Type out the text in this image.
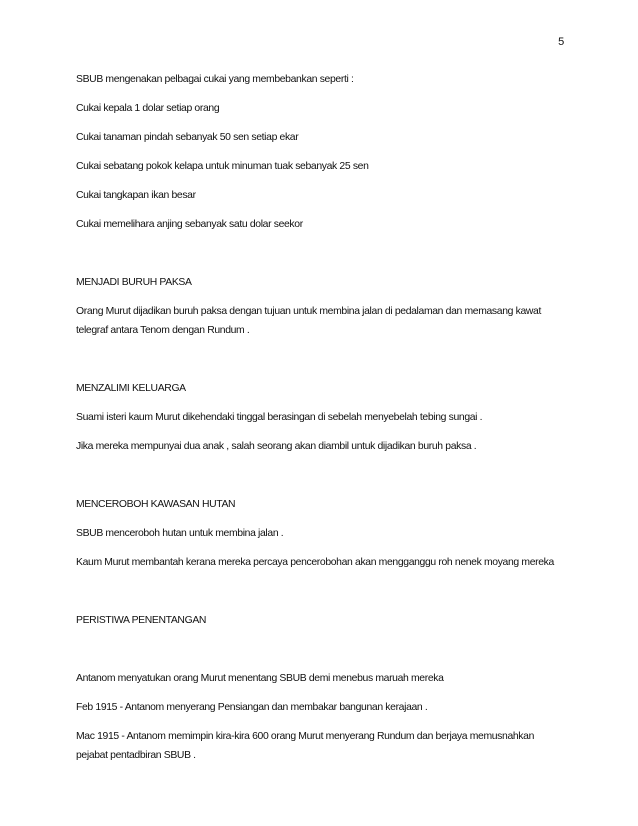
5

SBUB mengenakan pelbagai cukai yang membebankan seperti :

Cukai kepala 1 dolar setiap orang

Cukai tanaman pindah sebanyak 50 sen setiap ekar

Cukai sebatang pokok kelapa untuk minuman tuak sebanyak 25 sen

Cukai tangkapan ikan besar

Cukai memelihara anjing sebanyak satu dolar seekor

MENJADI BURUH PAKSA

Orang Murut dijadikan buruh paksa dengan tujuan untuk membina jalan di pedalaman dan memasang kawat telegraf antara Tenom dengan Rundum .

MENZALIMI KELUARGA

Suami isteri kaum Murut dikehendaki tinggal berasingan di sebelah menyebelah tebing sungai .

Jika mereka mempunyai dua anak , salah seorang akan diambil untuk dijadikan buruh paksa .

MENCEROBOH KAWASAN HUTAN

SBUB menceroboh hutan untuk membina jalan .

Kaum Murut membantah kerana mereka percaya pencerobohan akan mengganggu roh nenek moyang mereka

PERISTIWA PENENTANGAN

Antanom menyatukan orang Murut menentang SBUB demi menebus maruah mereka

Feb 1915 - Antanom menyerang Pensiangan dan membakar bangunan kerajaan .

Mac 1915 - Antanom memimpin kira-kira 600 orang Murut menyerang Rundum dan berjaya memusnahkan pejabat pentadbiran SBUB .
